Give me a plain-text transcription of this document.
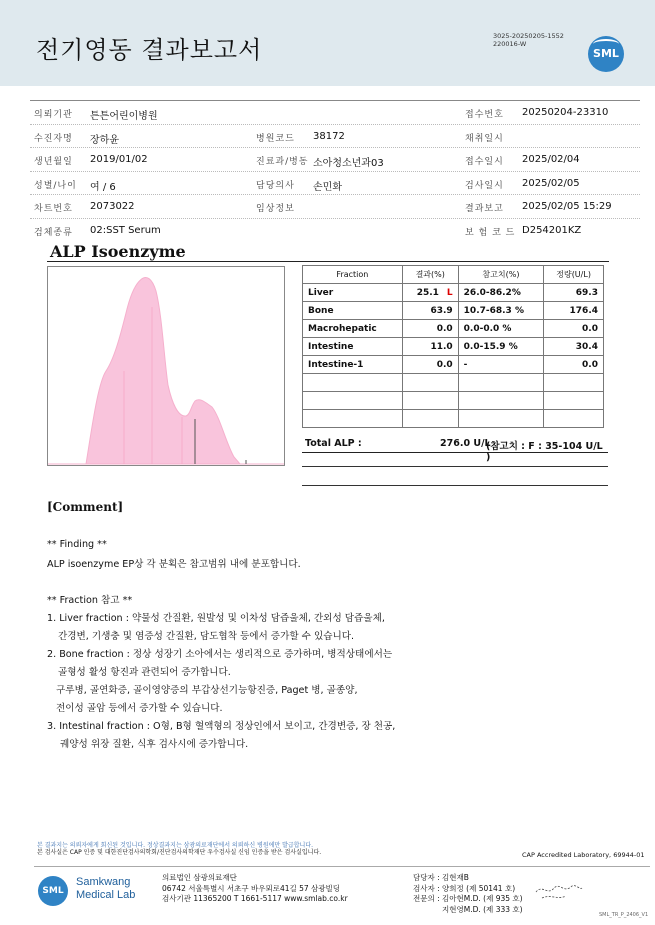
전기영동 결과보고서	3025-20250205-1552
220016-W
SML
의뢰기관 튼튼어린이병원	접수번호 20250204-23310
수진자명 장하윤	병원코드 38172	채취일시
생년월일 2019/01/02	진료과/병동 소아청소년과03	접수일시 2025/02/04
성별/나이 여 / 6	담당의사 손민화	검사일시 2025/02/05
차트번호 2073022	임상정보	결과보고 2025/02/05 15:29
검체종류 02:SST Serum	보 험 코 드 D254201KZ
ALP Isoenzyme
Fraction	결과(%)	참고치(%)	정량(U/L)
Liver	25.1 L	26.0-86.2%	69.3
Bone	63.9	10.7-68.3 %	176.4
Macrohepatic	0.0	0.0-0.0 %	0.0
Intestine	11.0	0.0-15.9 %	30.4
Intestine-1	0.0	-	0.0

Total ALP :	276.0 U/L
(참고치 : F : 35-104 U/L )
[Comment]
** Finding **
ALP isoenzyme EP상 각 분획은 참고범위 내에 분포합니다.
** Fraction 참고 **
1. Liver fraction : 약물성 간질환, 원발성 및 이차성 담즙울체, 간외성 담즙울체,
간경변, 기생충 및 염증성 간질환, 담도협착 등에서 증가할 수 있습니다.
2. Bone fraction : 정상 성장기 소아에서는 생리적으로 증가하며, 병적상태에서는
골형성 활성 항진과 관련되어 증가합니다.
구루병, 골연화증, 골이영양증의 부갑상선기능항진증, Paget 병, 골종양,
전이성 골암 등에서 증가할 수 있습니다.
3. Intestinal fraction : O형, B형 혈액형의 정상인에서 보이고, 간경변증, 장 천공,
궤양성 위장 질환, 식후 검사시에 증가합니다.
본 결과지는 의뢰자에게 회신된 것입니다. 정상결과지는 삼광의료재단에서 의뢰하신 병원에만 발급합니다.
본 검사실은 CAP 인증 및 대한진단검사의학회/진단검사의학재단 우수검사실 신임 인증을 받은 검사실입니다.	CAP Accredited Laboratory, 69944-01
SML
Samkwang
Medical Lab
의료법인 삼광의료재단
06742 서울특별시 서초구 바우뫼로41길 57 삼광빌딩
검사기관 11365200 T 1661-5117 www.smlab.co.kr
담당자 : 김현재B
검사자 : 양희정 (제 50141 호)
전문의 : 김아현M.D. (제 935 호)
지현영M.D. (제 333 호)
SML_TR_P_2406_V1
